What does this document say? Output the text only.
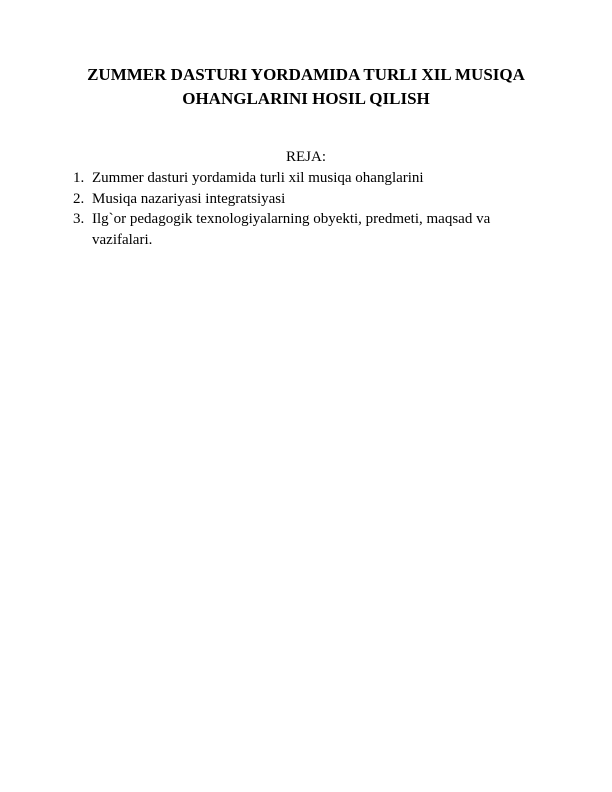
ZUMMER DASTURI YORDAMIDA TURLI XIL MUSIQA
OHANGLARINI HOSIL QILISH

REJA:

1. Zummer dasturi yordamida turli xil musiqa ohanglarini
2. Musiqa nazariyasi integratsiyasi
3. Ilg`or pedagogik texnologiyalarning obyekti, predmeti, maqsad va vazifalari.
